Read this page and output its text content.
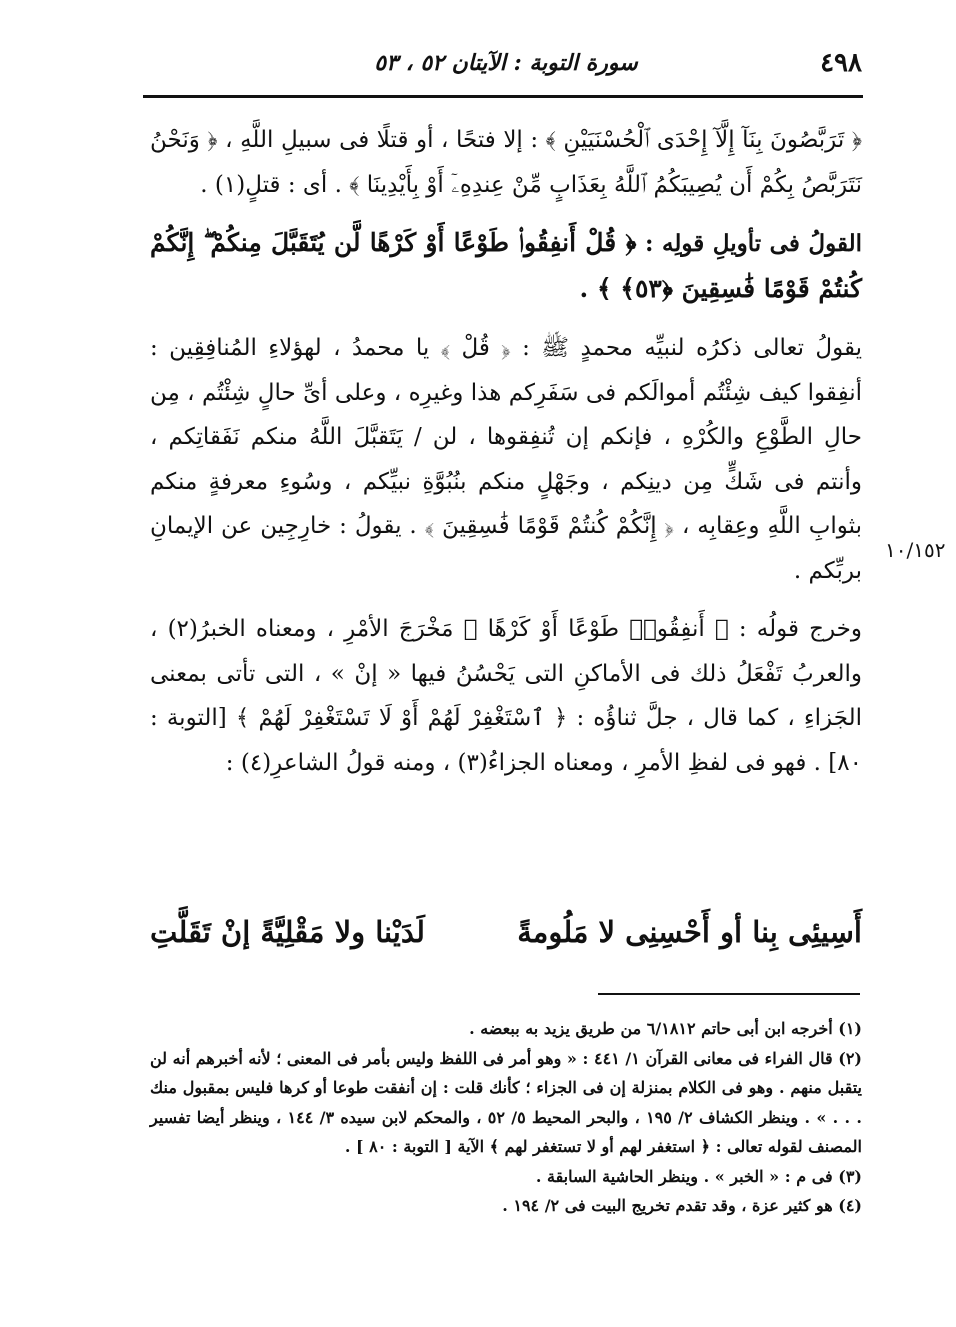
٤٩٨
سورة التوبة : الآيتان ٥٢ ، ٥٣
١٠/١٥٢

﴿ تَرَبَّصُونَ بِنَآ إِلَّآ إِحْدَى ٱلْحُسْنَيَيْنِ ﴾ : إلا فتحًا ، أو قتلًا فى سبيلِ اللَّهِ ، ﴿ وَنَحْنُ نَتَرَبَّصُ بِكُمْ أَن يُصِيبَكُمُ ٱللَّهُ بِعَذَابٍ مِّنْ عِندِهِۦٓ أَوْ بِأَيْدِينَا ﴾ . أى : قتلٍ(١) .

القولُ فى تأويلِ قولِه : ﴿ قُلْ أَنفِقُوا۟ طَوْعًا أَوْ كَرْهًا لَّن يُتَقَبَّلَ مِنكُمْ ۖ إِنَّكُمْ كُنتُمْ قَوْمًا فَٰسِقِينَ ﴿٥٣﴾ ﴾ .

يقولُ تعالى ذكرُه لنبيِّه محمدٍ ﷺ : ﴿ قُلْ ﴾ يا محمدُ ، لهؤلاءِ المُنافِقِين : أنفِقوا كيف شِئْتُم أموالَكم فى سَفَرِكم هذا وغيرِه ، وعلى أىِّ حالٍ شِئْتُم ، مِن حالِ الطَّوْعِ والكُرْهِ ، فإنكم إن تُنفِقوها ، لن / يَتَقبَّلَ اللَّهُ منكم نَفَقاتِكم ، وأنتم فى شَكٍّ مِن دينِكم ، وجَهْلٍ منكم بنُبُوَّةِ نبيِّكم ، وسُوءِ معرفةٍ منكم بثوابِ اللَّهِ وعِقابِه ، ﴿ إِنَّكُمْ كُنتُمْ قَوْمًا فَٰسِقِينَ ﴾ . يقولُ : خارِجِين عن الإيمانِ بربِّكم .

وخرج قولُه : ﴿ أَنفِقُوا۟ طَوْعًا أَوْ كَرْهًا ﴾ مَخْرَجَ الأمْرِ ، ومعناه الخبرُ(٢) ، والعربُ تَفْعَلُ ذلك فى الأماكنِ التى يَحْسُنُ فيها « إنْ » ، التى تأتى بمعنى الجَزاءِ ، كما قال ، جلَّ ثناؤُه : ﴿ ٱسْتَغْفِرْ لَهُمْ أَوْ لَا تَسْتَغْفِرْ لَهُمْ ﴾ [التوبة : ٨٠] . فهو فى لفظِ الأمرِ ، ومعناه الجزاءُ(٣) ، ومنه قولُ الشاعرِ(٤) :

أَسِيئِى بِنا أو أَحْسِنِى لا مَلُومةً
لَدَيْنا ولا مَقْلِيَّةً إنْ تَقَلَّتِ

(١) أخرجه ابن أبى حاتم ٦/١٨١٢ من طريق يزيد به ببعضه .

(٢) قال الفراء فى معانى القرآن ١/ ٤٤١ : « وهو أمر فى اللفظ وليس بأمر فى المعنى ؛ لأنه أخبرهم أنه لن يتقبل منهم . وهو فى الكلام بمنزلة إن فى الجزاء ؛ كأنك قلت : إن أنفقت طوعا أو كرها فليس بمقبول منك . . . » . وينظر الكشاف ٢/ ١٩٥ ، والبحر المحيط ٥/ ٥٢ ، والمحكم لابن سيده ٣/ ١٤٤ ، وينظر أيضا تفسير المصنف لقوله تعالى : ﴿ استغفر لهم أو لا تستغفر لهم ﴾ الآية [ التوبة : ٨٠ ] .

(٣) فى م : « الخبر » . وينظر الحاشية السابقة .

(٤) هو كثير عزة ، وقد تقدم تخريج البيت فى ٢/ ١٩٤ .
